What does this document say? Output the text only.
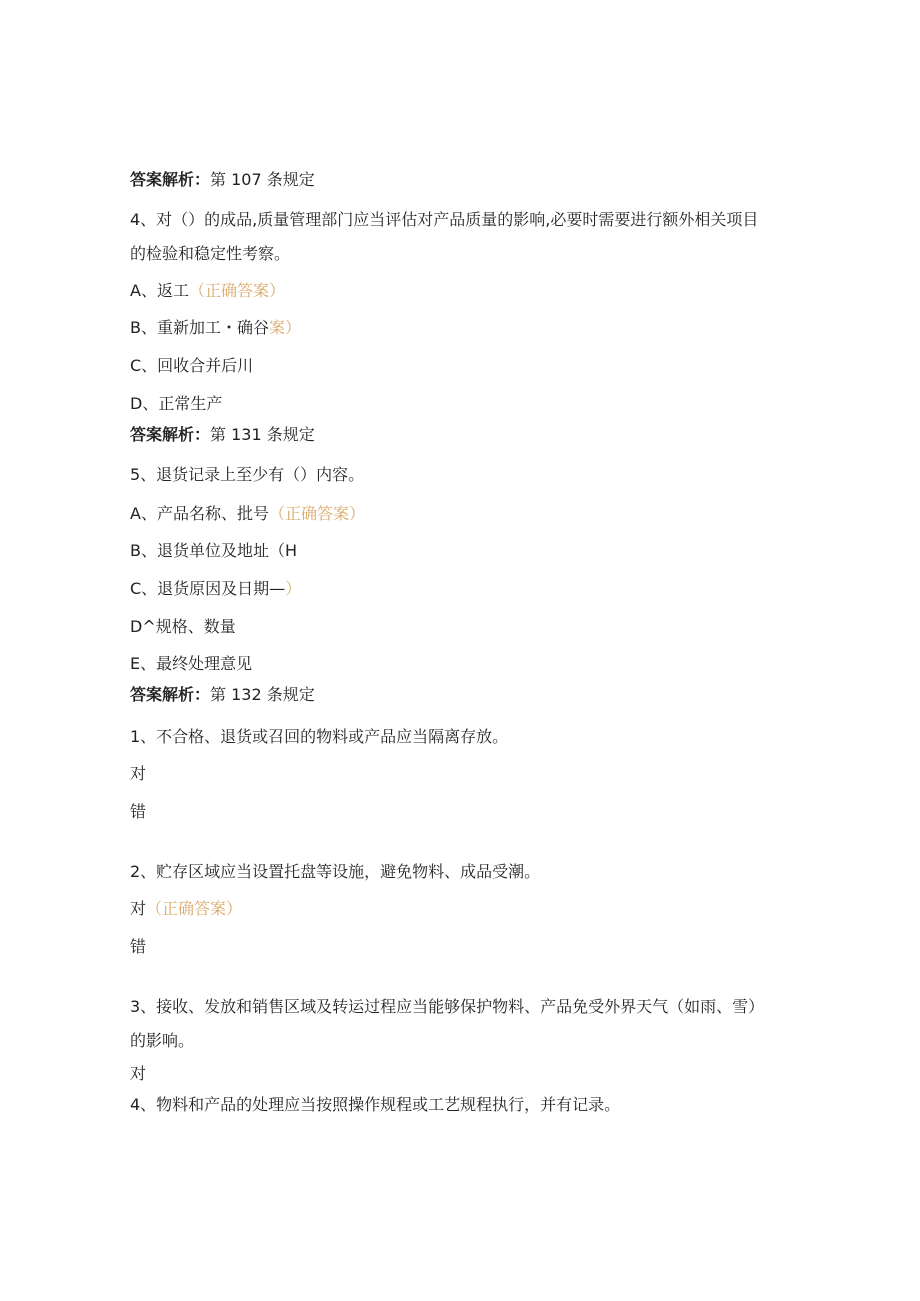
答案解析：第 107 条规定
4、对（）的成品,质量管理部门应当评估对产品质量的影响,必要时需要进行额外相关项目的检验和稳定性考察。
A、返工（正确答案）
B、重新加工・确谷案）
C、回收合并后川
D、正常生产
答案解析：第 131 条规定
5、退货记录上至少有（）内容。
A、产品名称、批号（正确答案）
B、退货单位及地址（H
C、退货原因及日期—）
D^规格、数量
E、最终处理意见
答案解析：第 132 条规定
1、不合格、退货或召回的物料或产品应当隔离存放。
对
错
2、贮存区域应当设置托盘等设施，避免物料、成品受潮。
对（正确答案）
错
3、接收、发放和销售区域及转运过程应当能够保护物料、产品免受外界天气（如雨、雪）的影响。
对
4、物料和产品的处理应当按照操作规程或工艺规程执行，并有记录。
